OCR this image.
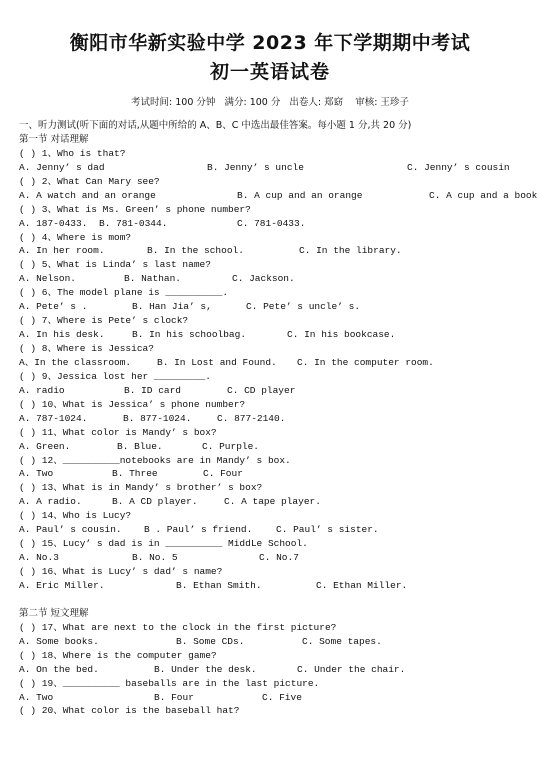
衡阳市华新实验中学 2023 年下学期期中考试
初一英语试卷
考试时间: 100 分钟   满分: 100 分   出卷人: 郑窈    审核: 王珍子
一、听力测试(听下面的对话,从题中所给的 A、B、C 中选出最佳答案。每小题 1 分,共 20 分)
第一节 对话理解
( ) 1、Who is that?
A. Jenny’ s dad	B. Jenny’ s uncle	C. Jenny’ s cousin
( ) 2、What Can Mary see?
A. A watch and an orange	B. A cup and an orange	C. A cup and a book
( ) 3、What is Ms. Green’ s phone number?
A. 187-0433. B. 781-0344.	C. 781-0433.
( ) 4、Where is mom?
A. In her room.	B. In the school.	C. In the library.
( ) 5、What is Linda’ s last name?
A. Nelson.	B. Nathan.	C. Jackson.
( ) 6、The model plane is __________.
A. Pete’ s .	B. Han Jia’ s,	C. Pete’ s uncle’ s.
( ) 7、Where is Pete’ s clock?
A. In his desk.	B. In his schoolbag.	C. In his bookcase.
( ) 8、Where is Jessica?
A、In the classroom.	B. In Lost and Found. C. In the computer room.
( ) 9、Jessica lost her _________.
A. radio	B. ID card	C. CD player
( ) 10、What is Jessica’ s phone number?
A. 787-1024.	B. 877-1024.	C. 877-2140.
( ) 11、What color is Mandy’ s box?
A. Green.	B. Blue.	C. Purple.
( ) 12、__________notebooks are in Mandy’ s box.
A. Two	B. Three	C. Four
( ) 13、What is in Mandy’ s brother’ s box?
A. A radio.	B. A CD player.	C. A tape player.
( ) 14、Who is Lucy?
A. Paul’ s cousin. B . Paul’ s friend. C. Paul’ s sister.
( ) 15、Lucy’ s dad is in __________ MiddLe School.
A. No.3	B. No. 5	C. No.7
( ) 16、What is Lucy’ s dad’ s name?
A. Eric Miller.	B. Ethan Smith.	C. Ethan Miller.
第二节 短文理解
( ) 17、What are next to the clock in the first picture?
A. Some books.	B. Some CDs.	C. Some tapes.
( ) 18、Where is the computer game?
A. On the bed.	B. Under the desk.	C. Under the chair.
( ) 19、__________ baseballs are in the last picture.
A. Two	B. Four	C. Five
( ) 20、What color is the baseball hat?
